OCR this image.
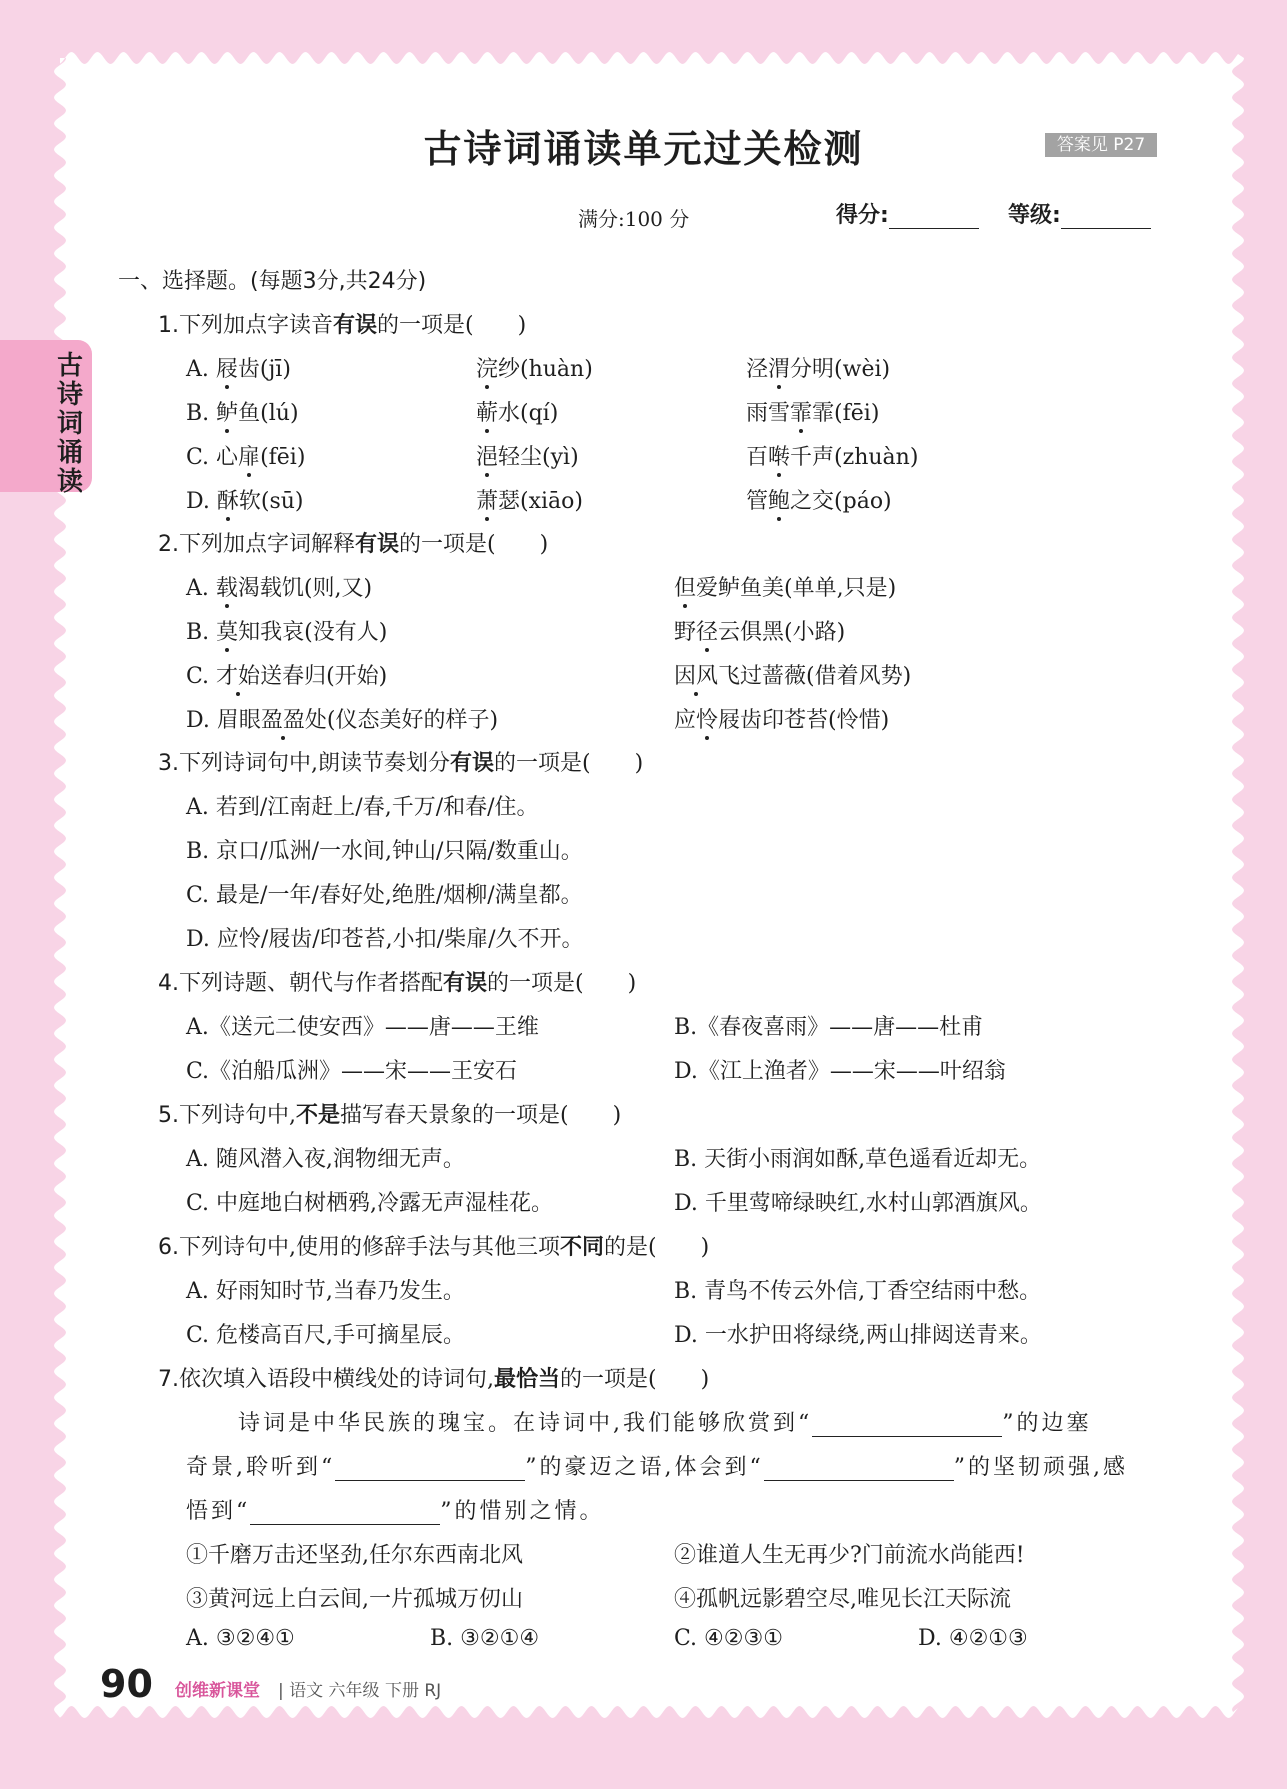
古诗词诵读单元过关检测	答案见 P27
满分:100 分	得分:	等级:
古诗词诵读
一、选择题。(每题3分,共24分)
1.下列加点字读音有误的一项是(　　)
A. 屐齿(jī)	浣纱(huàn)	泾渭分明(wèi)
B. 鲈鱼(lú)	蕲水(qí)	雨雪霏霏(fēi)
C. 心扉(fēi)	浥轻尘(yì)	百啭千声(zhuàn)
D. 酥软(sū)	萧瑟(xiāo)	管鲍之交(páo)
2.下列加点字词解释有误的一项是(　　)
A. 载渴载饥(则,又)	但爱鲈鱼美(单单,只是)
B. 莫知我哀(没有人)	野径云俱黑(小路)
C. 才始送春归(开始)	因风飞过蔷薇(借着风势)
D. 眉眼盈盈处(仪态美好的样子)	应怜屐齿印苍苔(怜惜)
3.下列诗词句中,朗读节奏划分有误的一项是(　　)
A. 若到/江南赶上/春,千万/和春/住。
B. 京口/瓜洲/一水间,钟山/只隔/数重山。
C. 最是/一年/春好处,绝胜/烟柳/满皇都。
D. 应怜/屐齿/印苍苔,小扣/柴扉/久不开。
4.下列诗题、朝代与作者搭配有误的一项是(　　)
A.《送元二使安西》——唐——王维	B.《春夜喜雨》——唐——杜甫
C.《泊船瓜洲》——宋——王安石	D.《江上渔者》——宋——叶绍翁
5.下列诗句中,不是描写春天景象的一项是(　　)
A. 随风潜入夜,润物细无声。	B. 天街小雨润如酥,草色遥看近却无。
C. 中庭地白树栖鸦,冷露无声湿桂花。	D. 千里莺啼绿映红,水村山郭酒旗风。
6.下列诗句中,使用的修辞手法与其他三项不同的是(　　)
A. 好雨知时节,当春乃发生。	B. 青鸟不传云外信,丁香空结雨中愁。
C. 危楼高百尺,手可摘星辰。	D. 一水护田将绿绕,两山排闼送青来。
7.依次填入语段中横线处的诗词句,最恰当的一项是(　　)
诗词是中华民族的瑰宝。在诗词中,我们能够欣赏到“	”的边塞
奇景,聆听到“	”的豪迈之语,体会到“	”的坚韧顽强,感
悟到“	”的惜别之情。
①千磨万击还坚劲,任尔东西南北风	②谁道人生无再少?门前流水尚能西!
③黄河远上白云间,一片孤城万仞山	④孤帆远影碧空尽,唯见长江天际流
A. ③②④①	B. ③②①④	C. ④②③①	D. ④②①③
90 创维新课堂 | 语文 六年级 下册 RJ
